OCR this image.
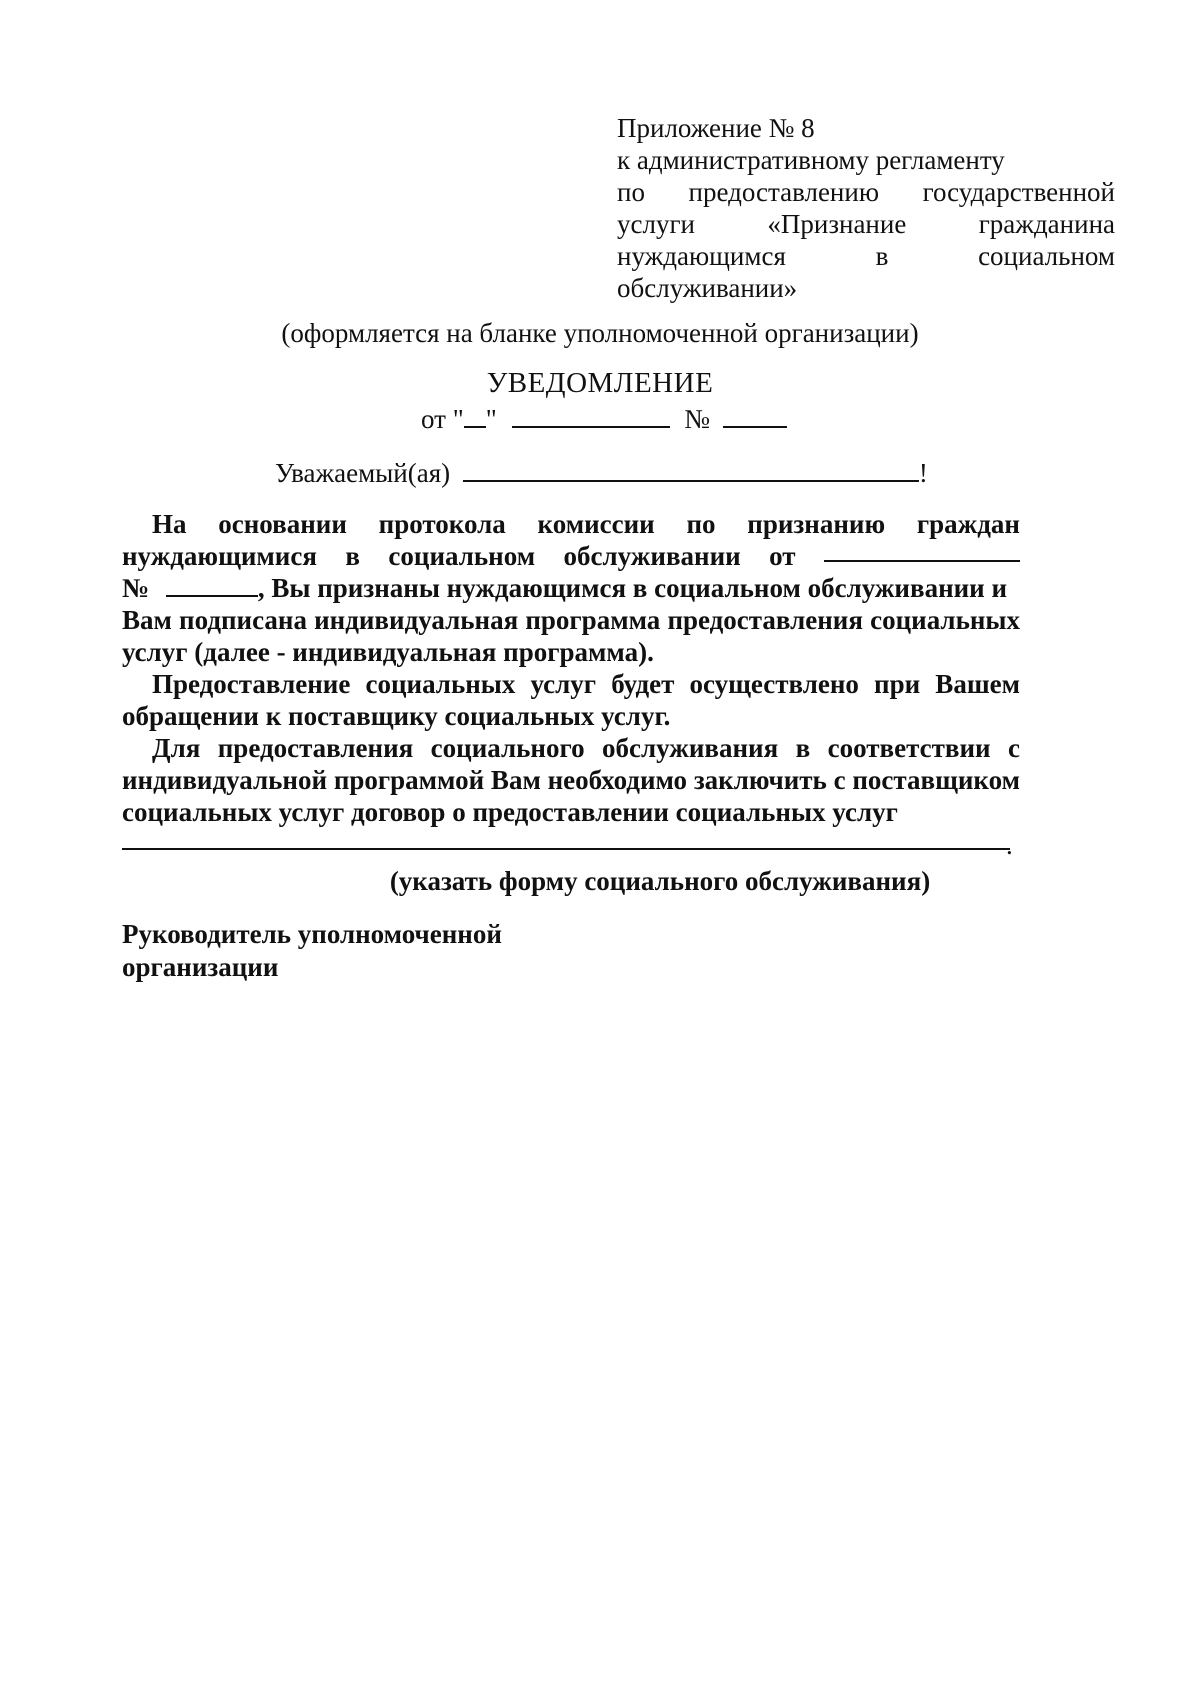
Приложение № 8
к административному регламенту
по предоставлению государственной
услуги	«Признание	гражданина
нуждающимся	в	социальном
обслуживании»
(оформляется на бланке уполномоченной организации)
УВЕДОМЛЕНИЕ
от " "	№
Уважаемый(ая)	!
На основании протокола комиссии по признанию граждан
нуждающимися в социальном обслуживании от
№	, Вы признаны нуждающимся в социальном обслуживании и

Вам подписана индивидуальная программа предоставления социальных услуг (далее - индивидуальная программа).

Предоставление социальных услуг будет осуществлено при Вашем обращении к поставщику социальных услуг.

Для предоставления социального обслуживания в соответствии с индивидуальной программой Вам необходимо заключить с поставщиком социальных услуг договор о предоставлении социальных услуг

.
(указать форму социального обслуживания)
Руководитель уполномоченной
организации
